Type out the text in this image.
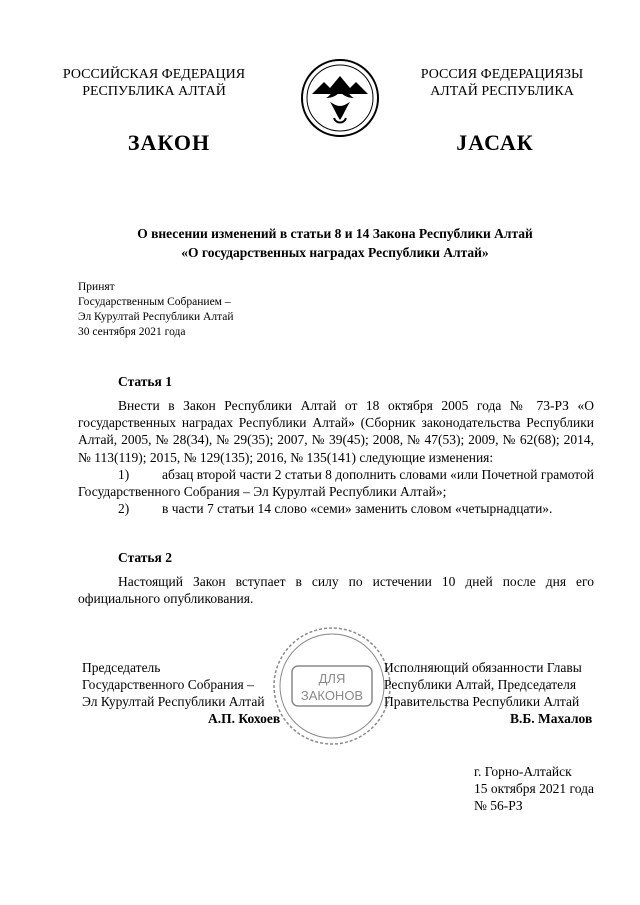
РОССИЙСКАЯ ФЕДЕРАЦИЯ
РЕСПУБЛИКА АЛТАЙ
РОССИЯ ФЕДЕРАЦИЯЗЫ
АЛТАЙ РЕСПУБЛИКА
ЗАКОН	ЈАСАК
О внесении изменений в статьи 8 и 14 Закона Республики Алтай
«О государственных наградах Республики Алтай»
Принят
Государственным Собранием –
Эл Курултай Республики Алтай
30 сентября 2021 года
Статья 1

Внести в Закон Республики Алтай от 18 октября 2005 года № 73-РЗ «О государственных наградах Республики Алтай» (Сборник законодательства Республики Алтай, 2005, № 28(34), № 29(35); 2007, № 39(45); 2008, № 47(53); 2009, № 62(68); 2014, № 113(119); 2015, № 129(135); 2016, № 135(141) следующие изменения:

1) абзац второй части 2 статьи 8 дополнить словами «или Почетной грамотой Государственного Собрания – Эл Курултай Республики Алтай»;

2) в части 7 статьи 14 слово «семи» заменить словом «четырнадцати».

Статья 2

Настоящий Закон вступает в силу по истечении 10 дней после дня его официального опубликования.

ДЛЯ
ЗАКОНОВ
Председатель
Государственного Собрания –
Эл Курултай Республики Алтай
А.П. Кохоев
Исполняющий обязанности Главы
Республики Алтай, Председателя
Правительства Республики Алтай
В.Б. Махалов
г. Горно-Алтайск
15 октября 2021 года
№ 56-РЗ
